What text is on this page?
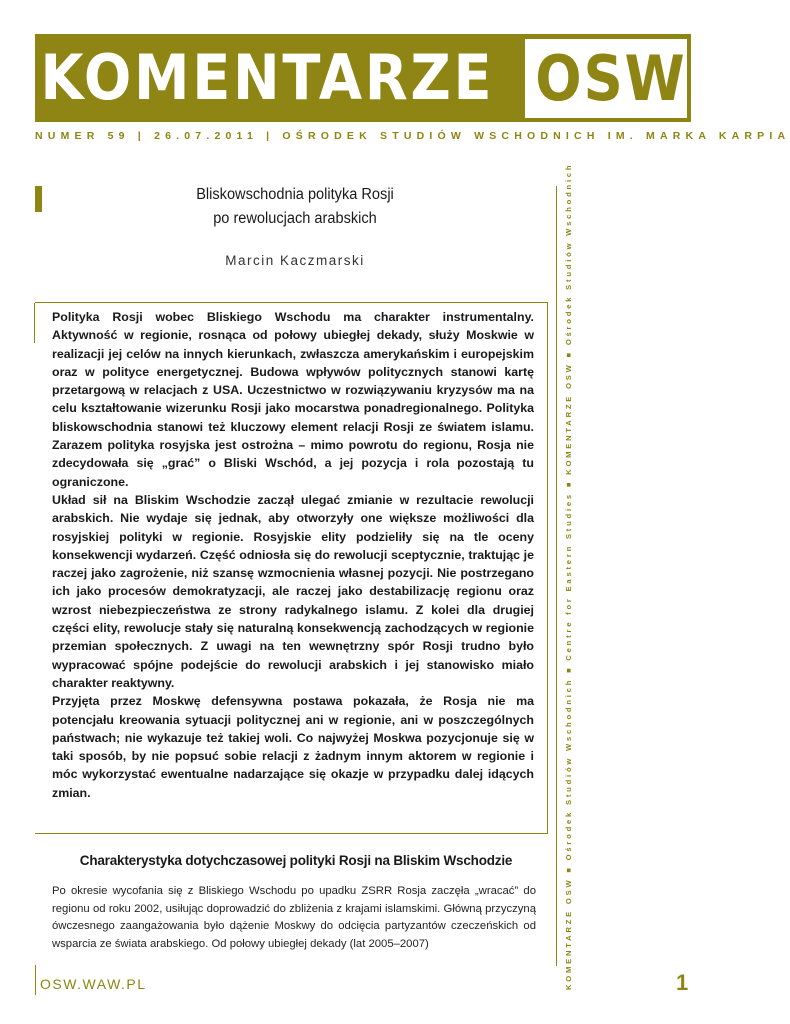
KOMENTARZE OSW
NUMER 59 | 26.07.2011 | OŚRODEK STUDIÓW WSCHODNICH IM. MARKA KARPIA
Bliskowschodnia polityka Rosji
po rewolucjach arabskich
Marcin Kaczmarski	KOMENTARZE OSW ■ Ośrodek Studiów Wschodnich ■ Centre for Eastern Studies ■ KOMENTARZE OSW ■ Ośrodek Studiów Wschodnich

Polityka Rosji wobec Bliskiego Wschodu ma charakter instrumentalny. Aktywność w regionie, rosnąca od połowy ubiegłej dekady, służy Moskwie w realizacji jej celów na innych kierunkach, zwłaszcza amerykańskim i europejskim oraz w polityce energetycznej. Budowa wpływów politycznych stanowi kartę przetargową w relacjach z USA. Uczestnictwo w rozwiązywaniu kryzysów ma na celu kształtowanie wizerunku Rosji jako mocarstwa ponadregionalnego. Polityka bliskowschodnia stanowi też kluczowy element relacji Rosji ze światem islamu. Zarazem polityka rosyjska jest ostrożna – mimo powrotu do regionu, Rosja nie zdecydowała się „grać” o Bliski Wschód, a jej pozycja i rola pozostają tu ograniczone.

Układ sił na Bliskim Wschodzie zaczął ulegać zmianie w rezultacie rewolucji arabskich. Nie wydaje się jednak, aby otworzyły one większe możliwości dla rosyjskiej polityki w regionie. Rosyjskie elity podzieliły się na tle oceny konsekwencji wydarzeń. Część odniosła się do rewolucji sceptycznie, traktując je raczej jako zagrożenie, niż szansę wzmocnienia własnej pozycji. Nie postrzegano ich jako procesów demokratyzacji, ale raczej jako destabilizację regionu oraz wzrost niebezpieczeństwa ze strony radykalnego islamu. Z kolei dla drugiej części elity, rewolucje stały się naturalną konsekwencją zachodzących w regionie przemian społecznych. Z uwagi na ten wewnętrzny spór Rosji trudno było wypracować spójne podejście do rewolucji arabskich i jej stanowisko miało charakter reaktywny.

Przyjęta przez Moskwę defensywna postawa pokazała, że Rosja nie ma potencjału kreowania sytuacji politycznej ani w regionie, ani w poszczególnych państwach; nie wykazuje też takiej woli. Co najwyżej Moskwa pozycjonuje się w taki sposób, by nie popsuć sobie relacji z żadnym innym aktorem w regionie i móc wykorzystać ewentualne nadarzające się okazje w przypadku dalej idących zmian.

Charakterystyka dotychczasowej polityki Rosji na Bliskim Wschodzie
Po okresie wycofania się z Bliskiego Wschodu po upadku ZSRR Rosja zaczęła „wracać” do regionu od roku 2002, usiłując doprowadzić do zbliżenia z krajami islamskimi. Główną przyczyną ówczesnego zaangażowania było dążenie Moskwy do odcięcia partyzantów czeczeńskich od wsparcia ze świata arabskiego. Od połowy ubiegłej dekady (lat 2005–2007)
OSW.WAW.PL	1
